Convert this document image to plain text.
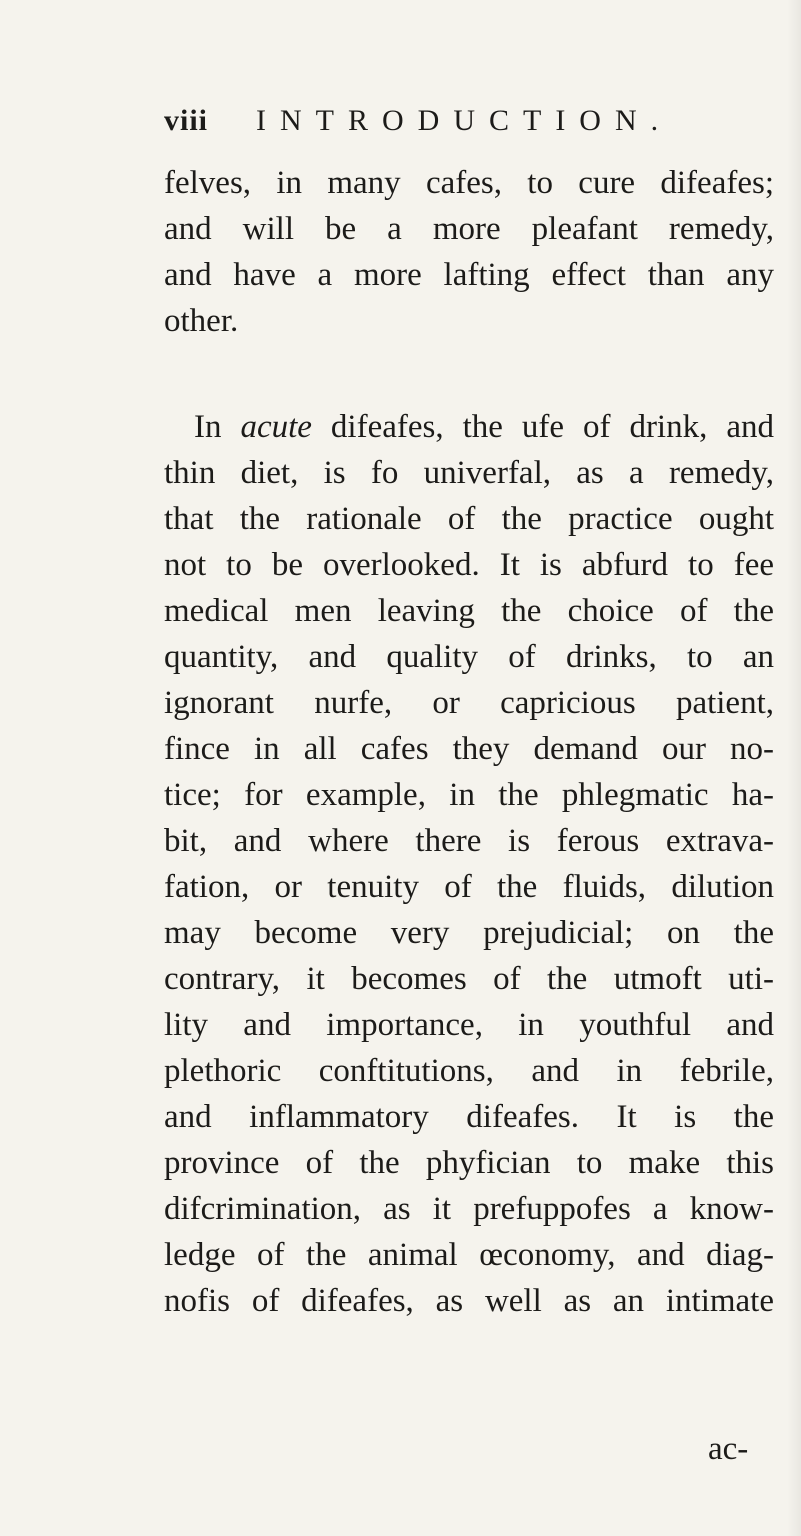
viii INTRODUCTION.
felves, in many cafes, to cure difeafes;
and will be a more pleafant remedy,
and have a more lafting effect than any
other.
In acute difeafes, the ufe of drink, and
thin diet, is fo univerfal, as a remedy,
that the rationale of the practice ought
not to be overlooked. It is abfurd to fee
medical men leaving the choice of the
quantity, and quality of drinks, to an
ignorant nurfe, or capricious patient,
fince in all cafes they demand our no-
tice; for example, in the phlegmatic ha-
bit, and where there is ferous extrava-
fation, or tenuity of the fluids, dilution
may become very prejudicial; on the
contrary, it becomes of the utmoft uti-
lity and importance, in youthful and
plethoric conftitutions, and in febrile,
and inflammatory difeafes. It is the
province of the phyfician to make this
difcrimination, as it prefuppofes a know-
ledge of the animal œconomy, and diag-
nofis of difeafes, as well as an intimate
ac-
